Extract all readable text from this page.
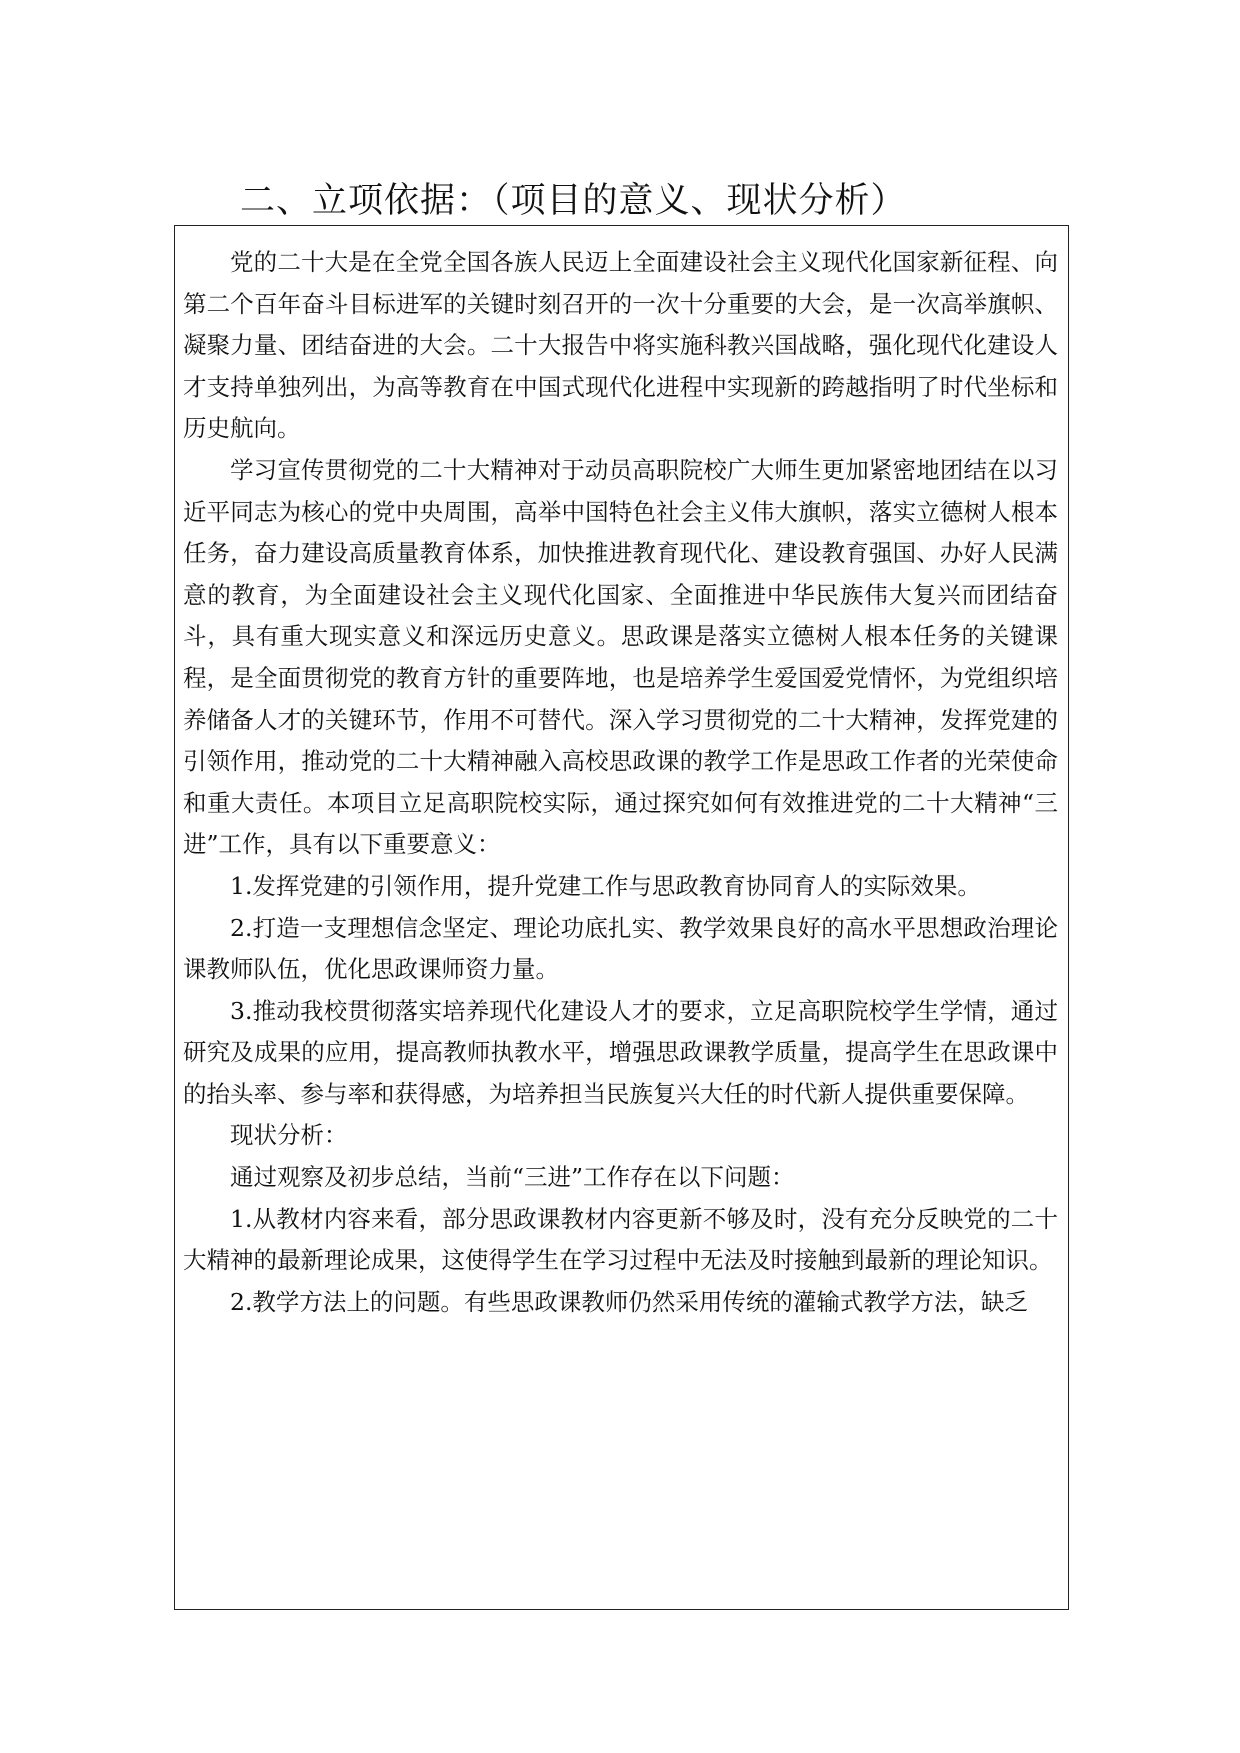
二、立项依据：（项目的意义、现状分析）

党的二十大是在全党全国各族人民迈上全面建设社会主义现代化国家新征程、向第二个百年奋斗目标进军的关键时刻召开的一次十分重要的大会，是一次高举旗帜、凝聚力量、团结奋进的大会。二十大报告中将实施科教兴国战略，强化现代化建设人才支持单独列出，为高等教育在中国式现代化进程中实现新的跨越指明了时代坐标和历史航向。

学习宣传贯彻党的二十大精神对于动员高职院校广大师生更加紧密地团结在以习近平同志为核心的党中央周围，高举中国特色社会主义伟大旗帜，落实立德树人根本任务，奋力建设高质量教育体系，加快推进教育现代化、建设教育强国、办好人民满意的教育，为全面建设社会主义现代化国家、全面推进中华民族伟大复兴而团结奋斗，具有重大现实意义和深远历史意义。思政课是落实立德树人根本任务的关键课程，是全面贯彻党的教育方针的重要阵地，也是培养学生爱国爱党情怀，为党组织培养储备人才的关键环节，作用不可替代。深入学习贯彻党的二十大精神，发挥党建的引领作用，推动党的二十大精神融入高校思政课的教学工作是思政工作者的光荣使命和重大责任。本项目立足高职院校实际，通过探究如何有效推进党的二十大精神“三进”工作，具有以下重要意义：

1.发挥党建的引领作用，提升党建工作与思政教育协同育人的实际效果。

2.打造一支理想信念坚定、理论功底扎实、教学效果良好的高水平思想政治理论课教师队伍，优化思政课师资力量。

3.推动我校贯彻落实培养现代化建设人才的要求，立足高职院校学生学情，通过研究及成果的应用，提高教师执教水平，增强思政课教学质量，提高学生在思政课中的抬头率、参与率和获得感，为培养担当民族复兴大任的时代新人提供重要保障。

现状分析：

通过观察及初步总结，当前“三进”工作存在以下问题：

1.从教材内容来看，部分思政课教材内容更新不够及时，没有充分反映党的二十大精神的最新理论成果，这使得学生在学习过程中无法及时接触到最新的理论知识。

2.教学方法上的问题。有些思政课教师仍然采用传统的灌输式教学方法，缺乏
